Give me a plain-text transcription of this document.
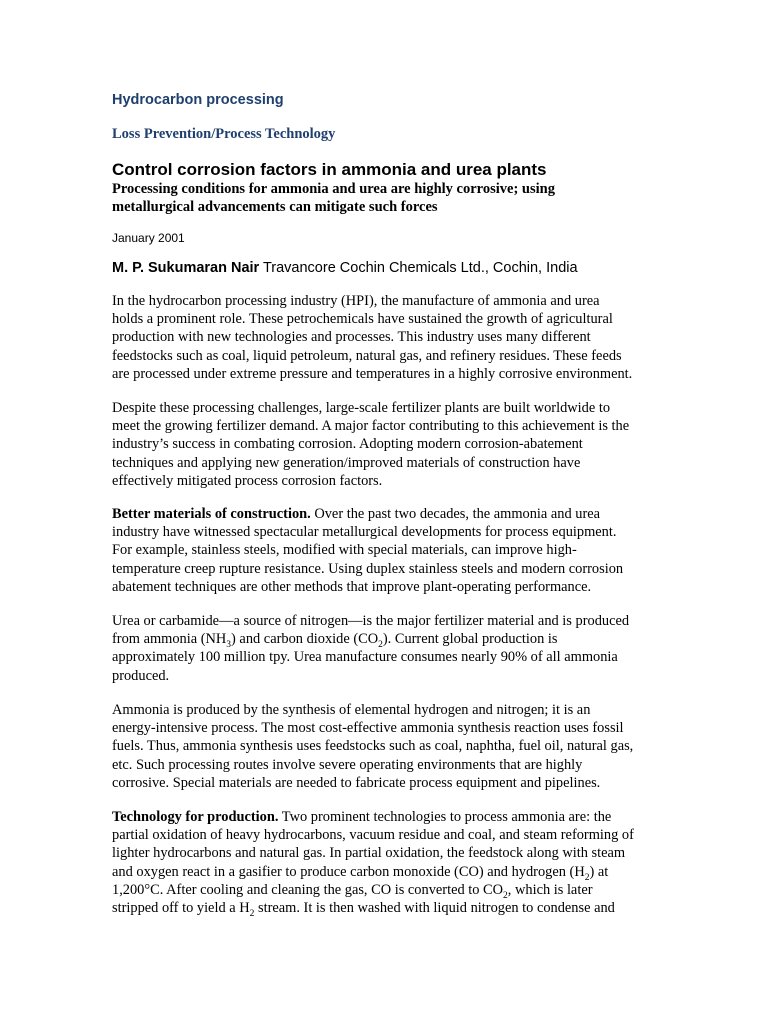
Hydrocarbon processing
Loss Prevention/Process Technology
Control corrosion factors in ammonia and urea plants

Processing conditions for ammonia and urea are highly corrosive; using metallurgical advancements can mitigate such forces

January 2001

M. P. Sukumaran Nair Travancore Cochin Chemicals Ltd., Cochin, India

In the hydrocarbon processing industry (HPI), the manufacture of ammonia and urea holds a prominent role. These petrochemicals have sustained the growth of agricultural production with new technologies and processes. This industry uses many different feedstocks such as coal, liquid petroleum, natural gas, and refinery residues. These feeds are processed under extreme pressure and temperatures in a highly corrosive environment.

Despite these processing challenges, large-scale fertilizer plants are built worldwide to meet the growing fertilizer demand. A major factor contributing to this achievement is the industry’s success in combating corrosion. Adopting modern corrosion-abatement techniques and applying new generation/improved materials of construction have effectively mitigated process corrosion factors.

Better materials of construction. Over the past two decades, the ammonia and urea industry have witnessed spectacular metallurgical developments for process equipment. For example, stainless steels, modified with special materials, can improve high-temperature creep rupture resistance. Using duplex stainless steels and modern corrosion abatement techniques are other methods that improve plant-operating performance.

Urea or carbamide—a source of nitrogen—is the major fertilizer material and is produced from ammonia $(NH_3)$ and carbon dioxide $(CO_2)$. Current global production is approximately 100 million tpy. Urea manufacture consumes nearly 90% of all ammonia produced.

Ammonia is produced by the synthesis of elemental hydrogen and nitrogen; it is an energy-intensive process. The most cost-effective ammonia synthesis reaction uses fossil fuels. Thus, ammonia synthesis uses feedstocks such as coal, naphtha, fuel oil, natural gas, etc. Such processing routes involve severe operating environments that are highly corrosive. Special materials are needed to fabricate process equipment and pipelines.

Technology for production. Two prominent technologies to process ammonia are: the partial oxidation of heavy hydrocarbons, vacuum residue and coal, and steam reforming of lighter hydrocarbons and natural gas. In partial oxidation, the feedstock along with steam and oxygen react in a gasifier to produce carbon monoxide (CO) and hydrogen $(H_2)$ at 1,200°C. After cooling and cleaning the gas, CO is converted to $CO_2$, which is later stripped off to yield a $H_2$ stream. It is then washed with liquid nitrogen to condense and
